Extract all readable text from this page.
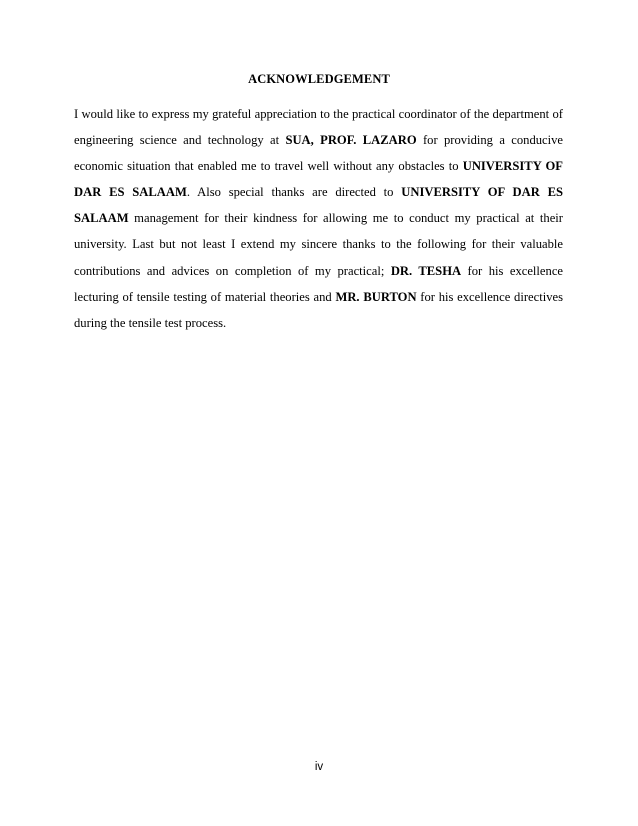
ACKNOWLEDGEMENT

I would like to express my grateful appreciation to the practical coordinator of the department of engineering science and technology at SUA, PROF. LAZARO for providing a conducive economic situation that enabled me to travel well without any obstacles to UNIVERSITY OF DAR ES SALAAM. Also special thanks are directed to UNIVERSITY OF DAR ES SALAAM management for their kindness for allowing me to conduct my practical at their university. Last but not least I extend my sincere thanks to the following for their valuable contributions and advices on completion of my practical; DR. TESHA for his excellence lecturing of tensile testing of material theories and MR. BURTON for his excellence directives during the tensile test process.

iv
